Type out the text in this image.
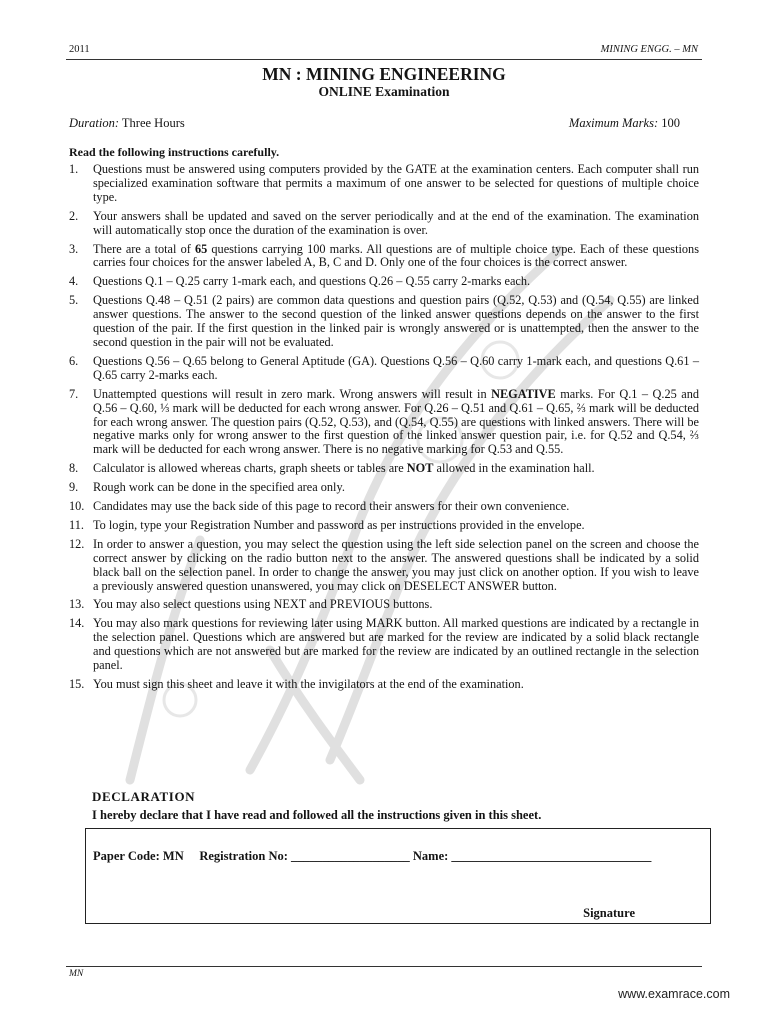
2011	MINING ENGG. – MN
MN : MINING ENGINEERING
ONLINE Examination
Duration: Three Hours	Maximum Marks: 100
Read the following instructions carefully.
1. Questions must be answered using computers provided by the GATE at the examination centers. Each computer shall run specialized examination software that permits a maximum of one answer to be selected for questions of multiple choice type.
2. Your answers shall be updated and saved on the server periodically and at the end of the examination. The examination will automatically stop once the duration of the examination is over.
3. There are a total of 65 questions carrying 100 marks. All questions are of multiple choice type. Each of these questions carries four choices for the answer labeled A, B, C and D. Only one of the four choices is the correct answer.
4. Questions Q.1 – Q.25 carry 1-mark each, and questions Q.26 – Q.55 carry 2-marks each.
5. Questions Q.48 – Q.51 (2 pairs) are common data questions and question pairs (Q.52, Q.53) and (Q.54, Q.55) are linked answer questions. The answer to the second question of the linked answer questions depends on the answer to the first question of the pair. If the first question in the linked pair is wrongly answered or is unattempted, then the answer to the second question in the pair will not be evaluated.
6. Questions Q.56 – Q.65 belong to General Aptitude (GA). Questions Q.56 – Q.60 carry 1-mark each, and questions Q.61 – Q.65 carry 2-marks each.
7. Unattempted questions will result in zero mark. Wrong answers will result in NEGATIVE marks. For Q.1 – Q.25 and Q.56 – Q.60, ⅓ mark will be deducted for each wrong answer. For Q.26 – Q.51 and Q.61 – Q.65, ⅔ mark will be deducted for each wrong answer. The question pairs (Q.52, Q.53), and (Q.54, Q.55) are questions with linked answers. There will be negative marks only for wrong answer to the first question of the linked answer question pair, i.e. for Q.52 and Q.54, ⅔ mark will be deducted for each wrong answer. There is no negative marking for Q.53 and Q.55.
8. Calculator is allowed whereas charts, graph sheets or tables are NOT allowed in the examination hall.
9. Rough work can be done in the specified area only.
10. Candidates may use the back side of this page to record their answers for their own convenience.
11. To login, type your Registration Number and password as per instructions provided in the envelope.
12. In order to answer a question, you may select the question using the left side selection panel on the screen and choose the correct answer by clicking on the radio button next to the answer. The answered questions shall be indicated by a solid black ball on the selection panel. In order to change the answer, you may just click on another option. If you wish to leave a previously answered question unanswered, you may click on DESELECT ANSWER button.
13. You may also select questions using NEXT and PREVIOUS buttons.
14. You may also mark questions for reviewing later using MARK button. All marked questions are indicated by a rectangle in the selection panel. Questions which are answered but are marked for the review are indicated by a solid black rectangle and questions which are not answered but are marked for the review are indicated by an outlined rectangle in the selection panel.
15. You must sign this sheet and leave it with the invigilators at the end of the examination.
DECLARATION
I hereby declare that I have read and followed all the instructions given in this sheet.
Paper Code: MN Registration No: ___________________ Name: ________________________________
Signature
MN
www.examrace.com
